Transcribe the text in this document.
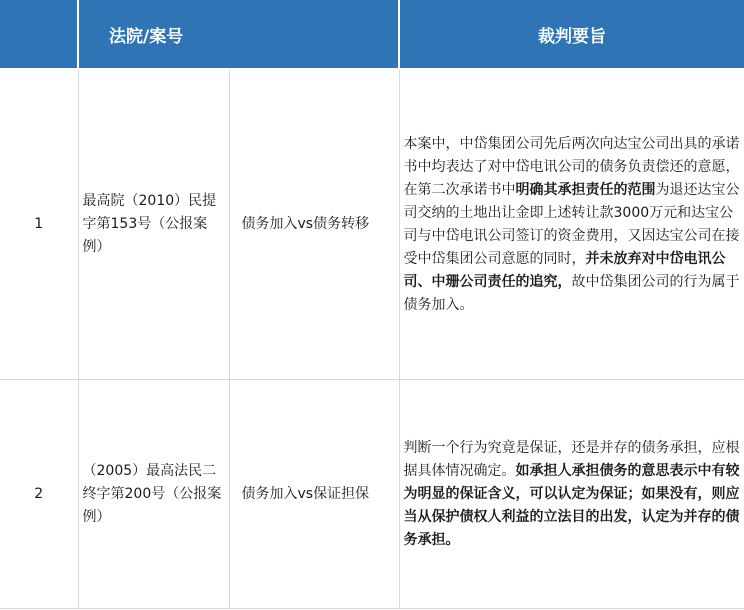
	法院/案号		裁判要旨
1	最高院（2010）民提字第153号（公报案例）	债务加入vs债务转移	本案中，中岱集团公司先后两次向达宝公司出具的承诺书中均表达了对中岱电讯公司的债务负责偿还的意愿，在第二次承诺书中明确其承担责任的范围为退还达宝公司交纳的土地出让金即上述转让款3000万元和达宝公司与中岱电讯公司签订的资金费用，又因达宝公司在接受中岱集团公司意愿的同时，并未放弃对中岱电讯公司、中珊公司责任的追究，故中岱集团公司的行为属于债务加入。
2	（2005）最高法民二终字第200号（公报案例）	债务加入vs保证担保	判断一个行为究竟是保证，还是并存的债务承担，应根据具体情况确定。如承担人承担债务的意思表示中有较为明显的保证含义，可以认定为保证；如果没有，则应当从保护债权人利益的立法目的出发，认定为并存的债务承担。
